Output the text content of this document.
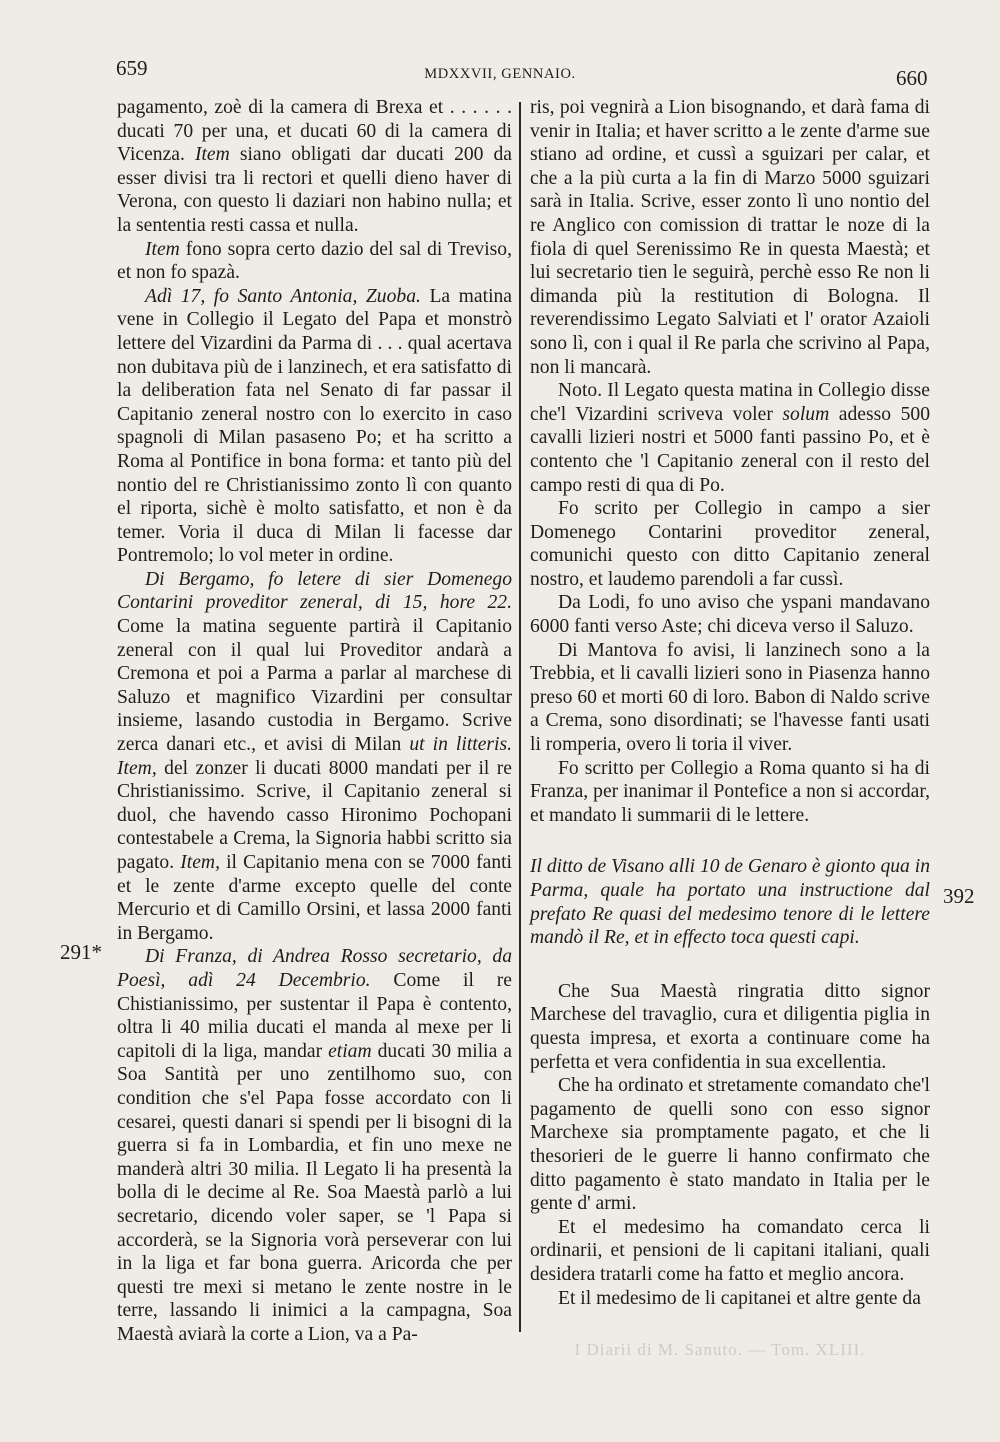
659	MDXXVII, GENNAIO.	660
291*
392

pagamento, zoè di la camera di Brexa et . . . . . . ducati 70 per una, et ducati 60 di la camera di Vicenza. Item siano obligati dar ducati 200 da esser divisi tra li rectori et quelli dieno haver di Verona, con questo li daziari non habino nulla; et la sententia resti cassa et nulla.

Item fono sopra certo dazio del sal di Treviso, et non fo spazà.

Adì 17, fo Santo Antonia, Zuoba. La matina vene in Collegio il Legato del Papa et monstrò lettere del Vizardini da Parma di . . . qual acertava non dubitava più de i lanzinech, et era satisfatto di la deliberation fata nel Senato di far passar il Capitanio zeneral nostro con lo exercito in caso spagnoli di Milan pasaseno Po; et ha scritto a Roma al Pontifice in bona forma: et tanto più del nontio del re Christianissimo zonto lì con quanto el riporta, sichè è molto satisfatto, et non è da temer. Voria il duca di Milan li facesse dar Pontremolo; lo vol meter in ordine.

Di Bergamo, fo letere di sier Domenego Contarini proveditor zeneral, di 15, hore 22. Come la matina seguente partirà il Capitanio zeneral con il qual lui Proveditor andarà a Cremona et poi a Parma a parlar al marchese di Saluzo et magnifico Vizardini per consultar insieme, lasando custodia in Bergamo. Scrive zerca danari etc., et avisi di Milan ut in litteris. Item, del zonzer li ducati 8000 mandati per il re Christianissimo. Scrive, il Capitanio zeneral si duol, che havendo casso Hironimo Pochopani contestabele a Crema, la Signoria habbi scritto sia pagato. Item, il Capitanio mena con se 7000 fanti et le zente d'arme excepto quelle del conte Mercurio et di Camillo Orsini, et lassa 2000 fanti in Bergamo.

Di Franza, di Andrea Rosso secretario, da Poesì, adì 24 Decembrio. Come il re Chistianissimo, per sustentar il Papa è contento, oltra li 40 milia ducati el manda al mexe per li capitoli di la liga, mandar etiam ducati 30 milia a Soa Santità per uno zentilhomo suo, con condition che s'el Papa fosse accordato con li cesarei, questi danari si spendi per li bisogni di la guerra si fa in Lombardia, et fin uno mexe ne manderà altri 30 milia. Il Legato li ha presentà la bolla di le decime al Re. Soa Maestà parlò a lui secretario, dicendo voler saper, se 'l Papa si accorderà, se la Signoria vorà perseverar con lui in la liga et far bona guerra. Aricorda che per questi tre mexi si metano le zente nostre in le terre, lassando li inimici a la campagna, Soa Maestà aviarà la corte a Lion, va a Pa-

ris, poi vegnirà a Lion bisognando, et darà fama di venir in Italia; et haver scritto a le zente d'arme sue stiano ad ordine, et cussì a sguizari per calar, et che a la più curta a la fin di Marzo 5000 sguizari sarà in Italia. Scrive, esser zonto lì uno nontio del re Anglico con comission di trattar le noze di la fiola di quel Serenissimo Re in questa Maestà; et lui secretario tien le seguirà, perchè esso Re non li dimanda più la restitution di Bologna. Il reverendissimo Legato Salviati et l' orator Azaioli sono lì, con i qual il Re parla che scrivino al Papa, non li mancarà.

Noto. Il Legato questa matina in Collegio disse che'l Vizardini scriveva voler solum adesso 500 cavalli lizieri nostri et 5000 fanti passino Po, et è contento che 'l Capitanio zeneral con il resto del campo resti di qua di Po.

Fo scrito per Collegio in campo a sier Domenego Contarini proveditor zeneral, comunichi questo con ditto Capitanio zeneral nostro, et laudemo parendoli a far cussì.

Da Lodi, fo uno aviso che yspani mandavano 6000 fanti verso Aste; chi diceva verso il Saluzo.

Di Mantova fo avisi, li lanzinech sono a la Trebbia, et li cavalli lizieri sono in Piasenza hanno preso 60 et morti 60 di loro. Babon di Naldo scrive a Crema, sono disordinati; se l'havesse fanti usati li romperia, overo li toria il viver.

Fo scritto per Collegio a Roma quanto si ha di Franza, per inanimar il Pontefice a non si accordar, et mandato li summarii di le lettere.

Il ditto de Visano alli 10 de Genaro è gionto qua in Parma, quale ha portato una instructione dal prefato Re quasi del medesimo tenore di le lettere mandò il Re, et in effecto toca questi capi.

Che Sua Maestà ringratia ditto signor Marchese del travaglio, cura et diligentia piglia in questa impresa, et exorta a continuare come ha perfetta et vera confidentia in sua excellentia.

Che ha ordinato et stretamente comandato che'l pagamento de quelli sono con esso signor Marchexe sia promptamente pagato, et che li thesorieri de le guerre li hanno confirmato che ditto pagamento è stato mandato in Italia per le gente d' armi.

Et el medesimo ha comandato cerca li ordinarii, et pensioni de li capitani italiani, quali desidera tratarli come ha fatto et meglio ancora.

Et il medesimo de li capitanei et altre gente da

I Diarii di M. Sanuto. — Tom. XLIII.
